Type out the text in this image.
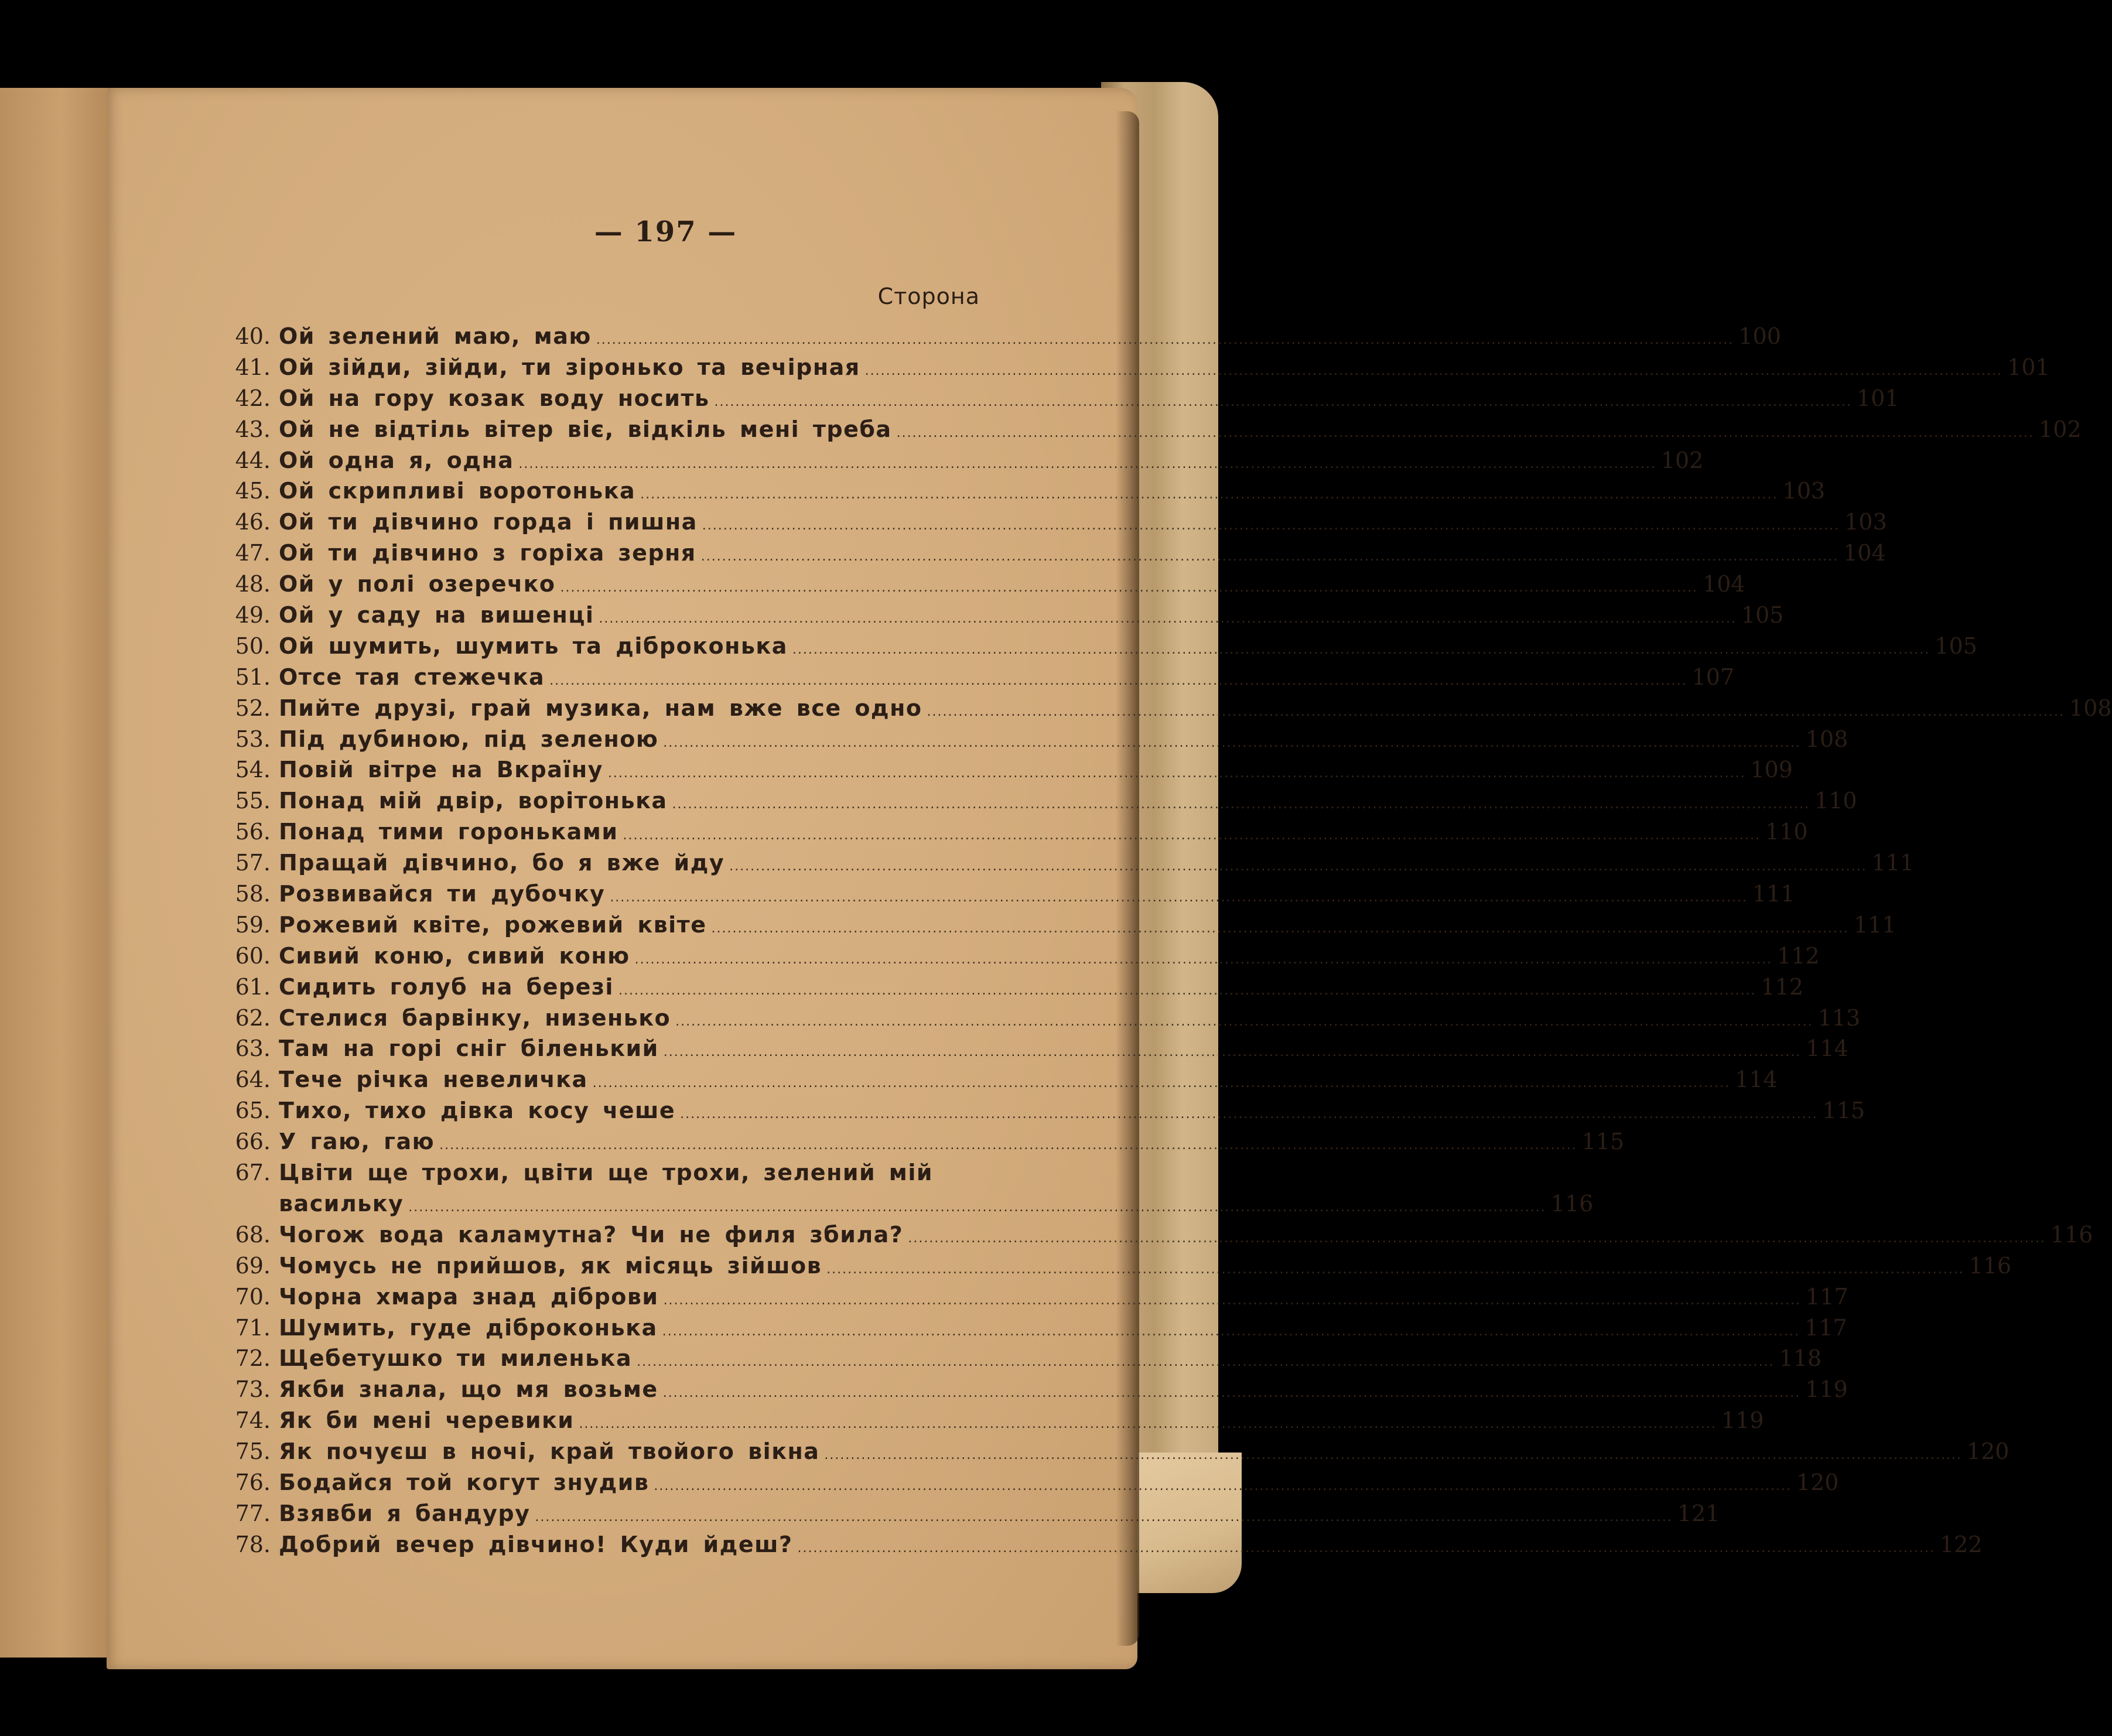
— 197 —
Сторона
40. Ой зелений маю, маю .....	100
41. Ой зійди, зійди, ти зіронько та вечірная .....	101
42. Ой на гору козак воду носить .....	101
43. Ой не відтіль вітер віє, відкіль мені треба .....	102
44. Ой одна я, одна .....	102
45. Ой скрипливі воротонька .....	103
46. Ой ти дівчино горда і пишна .....	103
47. Ой ти дівчино з горіха зерня .....	104
48. Ой у полі озеречко .....	104
49. Ой у саду на вишенці .....	105
50. Ой шумить, шумить та діброконька .....	105
51. Отсе тая стежечка .....	107
52. Пийте друзі, грай музика, нам вже все одно .....	108
53. Під дубиною, під зеленою .....	108
54. Повій вітре на Вкраїну .....	109
55. Понад мій двір, ворітонька .....	110
56. Понад тими гороньками .....	110
57. Пращай дівчино, бо я вже йду .....	111
58. Розвивайся ти дубочку .....	111
59. Рожевий квіте, рожевий квіте .....	111
60. Сивий коню, сивий коню .....	112
61. Сидить голуб на березі .....	112
62. Стелися барвінку, низенько .....	113
63. Там на горі сніг біленький .....	114
64. Тече річка невеличка .....	114
65. Тихо, тихо дівка косу чеше .....	115
66. У гаю, гаю .....	115
67. Цвіти ще трохи, цвіти ще трохи, зелений мій
васильку .....	116
68. Чогож вода каламутна? Чи не филя збила? .....	116
69. Чомусь не прийшов, як місяць зійшов .....	116
70. Чорна хмара знад діброви .....	117
71. Шумить, гуде діброконька .....	117
72. Щебетушко ти миленька .....	118
73. Якби знала, що мя возьме .....	119
74. Як би мені черевики .....	119
75. Як почуєш в ночі, край твойого вікна .....	120
76. Бодайся той когут знудив .....	120
77. Взявби я бандуру .....	121
78. Добрий вечер дівчино! Куди йдеш? .....	122
